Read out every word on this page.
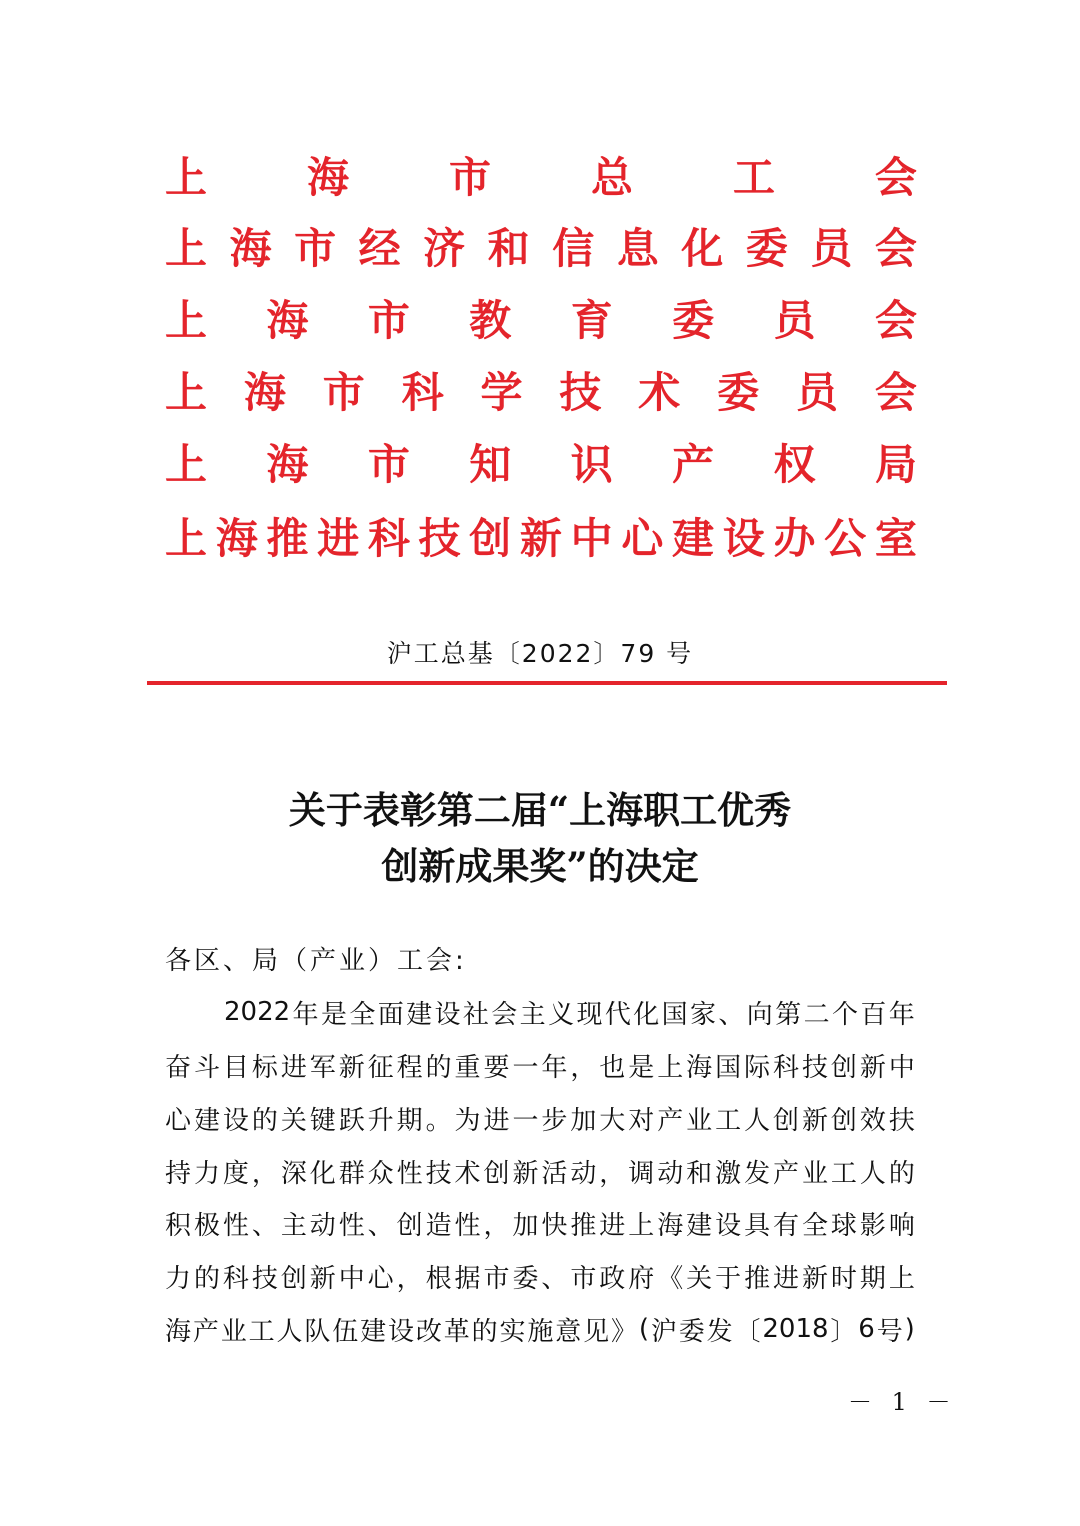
上 海 市 总 工 会
上 海 市 经 济 和 信 息 化 委 员 会
上 海 市 教 育 委 员 会
上 海 市 科 学 技 术 委 员 会
上 海 市 知 识 产 权 局
上 海 推 进 科 技 创 新 中 心 建 设 办 公 室
沪工总基〔2022〕79 号
关于表彰第二届“上海职工优秀
创新成果奖”的决定
各区、局（产业）工会:
2022 年 是 全 面 建 设 社 会 主 义 现 代 化 国 家 、 向 第 二 个 百 年
奋 斗 目 标 进 军 新 征 程 的 重 要 一 年 ， 也 是 上 海 国 际 科 技 创 新 中
心 建 设 的 关 键 跃 升 期 。 为 进 一 步 加 大 对 产 业 工 人 创 新 创 效 扶
持 力 度 ， 深 化 群 众 性 技 术 创 新 活 动 ， 调 动 和 激 发 产 业 工 人 的
积 极 性 、 主 动 性 、 创 造 性 ， 加 快 推 进 上 海 建 设 具 有 全 球 影 响
力 的 科 技 创 新 中 心 ， 根 据 市 委 、 市 政 府 《 关 于 推 进 新 时 期 上
海 产 业 工 人 队 伍 建 设 改 革 的 实 施 意 见 》 ( 沪 委 发 〔 2018 〕 6 号 )
－ 1 －
